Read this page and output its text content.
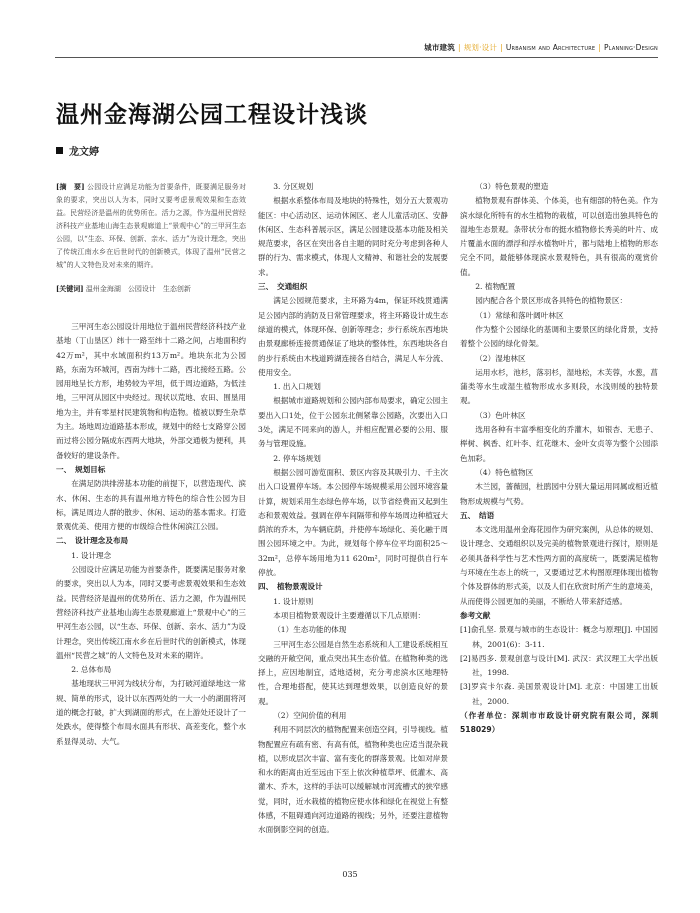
城市建筑 | 规划·设计 | Urbanism and Architecture | Planning·Design
温州金海湖公园工程设计浅谈
龙文婷

[摘　要] 公园设计应满足功能为首要条件，既要满足服务对象的要求，突出以人为本，同时又要考虑景观效果和生态效益。民营经济是温州的优势所在。活力之源，作为温州民营经济科技产业基地山海生态景观廊道上“景观中心”的三甲河生态公园，以“生态、环保、创新、亲水、活力”为设计理念，突出了传统江南水乡在后世时代的创新模式，体现了温州“民营之城”的人文特色及对未来的期许。

[关键词] 温州金海湖　公园设计　生态创新

三甲河生态公园设计用地位于温州民营经济科技产业基地（丁山垦区）纬十一路至纬十二路之间，占地面积约42万m²，其中水域面积约13万m²。地块东北为公园路，东南为环城河，西南为纬十二路，西北接经五路。公园用地呈长方形，地势较为平坦，低于周边道路，为低洼地，三甲河从园区中央经过。现状以荒地、农田、围垦用地为主，并有零星村民建筑物和构造物。植被以野生杂草为主。场地周边道路基本形成，规划中的经七支路穿公园而过将公园分隔成东西两大地块，外部交通极为便利，具备较好的建设条件。

一、　规划目标

在满足防洪排涝基本功能的前提下，以营造现代、滨水、休闲、生态的具有温州地方特色的综合性公园为目标，满足周边人群的散步、休闲、运动的基本需求。打造景观优美、使用方便的市级综合性休闲滨江公园。

二、　设计理念及布局

1. 设计理念

公园设计应满足功能为首要条件，既要满足服务对象的要求，突出以人为本，同时又要考虑景观效果和生态效益。民营经济是温州的优势所在、活力之源，作为温州民营经济科技产业基地山海生态景观廊道上“景观中心”的三甲河生态公园，以“生态、环保、创新、亲水、活力”为设计理念，突出传统江南水乡在后世时代的创新模式，体现温州“民营之城”的人文特色及对未来的期许。

2. 总体布局

基地现状三甲河为线状分布，为打破河道绿地这一常规、简单的形式，设计以东西两处的一大一小的湖面将河道的概念打破，扩大到湖面的形式，在上游处还设计了一处跌水，使得整个布局水面具有形状、高差变化，整个水系显得灵动、大气。

3. 分区规划

根据水系整体布局及地块的特殊性，划分五大景观功能区：中心活动区、运动休闲区、老人儿童活动区、安静休闲区、生态科普展示区，满足公园建设基本功能及相关规范要求，各区在突出各自主题的同时充分考虑到各种人群的行为、需求模式，体现人文精神、和谐社会的发展要求。

三、　交通组织

满足公园规范要求，主环路为4m，保证环线贯通满足公园内部的消防及日常管理要求，将主环路设计成生态绿道的模式，体现环保、创新等理念；步行系统东西地块由景观廊桥连接贯通保证了地块的整体性，东西地块各自的步行系统由木栈道跨湖连接各自结合，满足人车分流、使用安全。

1. 出入口规划

根据城市道路规划和公园内部布局要求，确定公园主要出入口1处，位于公园东北侧紧靠公园路，次要出入口3处，满足不同来向的游人，并相应配置必要的公用、服务与管理设施。

2. 停车场规划

根据公园可游览面积、景区内容及其吸引力、千主次出入口设置停车场。本公园停车场规模采用公园环境容量计算，规划采用生态绿色停车场，以节省经费而又起到生态和景观效益。强调在停车间隔带和停车场周边种植冠大荫浓的乔木，为车辆庇荫，并使停车场绿化、美化融于周围公园环境之中。为此，规划每个停车位平均面积25～32m²，总停车场用地为11 620m²，同时可提供自行车停放。

四、　植物景观设计

1. 设计原则

本项目植物景观设计主要遵循以下几点原则：

（1）生态功能的体现

三甲河生态公园是自然生态系统和人工建设系统相互交融的开敞空间，重点突出其生态价值。在植物种类的选择上，应因地制宜，适地适树，充分考虑滨水区地理特性，合理地搭配，使其达到理想效果，以创造良好的景观。

（2）空间价值的利用

利用不同层次的植物配置来创造空间，引导视线。植物配置应有疏有密、有高有低，植物种类也应适当混杂栽植，以形成层次丰富、富有变化的群落景观。比如对岸景和水的距离由近至远由下至上依次种植草坪、低灌木、高灌木、乔木，这样的手法可以缓解城市河流槽式的狭窄感觉，同时，近水栽植的植物应使水体和绿化在视觉上有整体感，不阻碍通向河边道路的视线；另外，还要注意植物水面倒影空间的创造。

（3）特色景观的塑造

植物景观有群体美、个体美，也有细部的特色美。作为滨水绿化所特有的水生植物的栽植，可以创造出独具特色的湿地生态景观。条带状分布的挺水植物修长秀美的叶片、成片覆盖水面的漂浮和浮水植物叶片，都与陆地上植物的形态完全不同，最能够体现滨水景观特色，具有很高的观赏价值。

2. 植物配置

园内配合各个景区形成各具特色的植物景区：

（1）常绿和落叶阔叶林区

作为整个公园绿化的基调和主要景区的绿化背景，支持着整个公园的绿化骨架。

（2）湿地林区

运用水杉，池杉，落羽杉，湿地松，木芙蓉，水葱，菖蒲类等水生或湿生植物形成水多则段，水浅则缓的独特景观。

（3）色叶林区

选用各种有丰富季相变化的乔灌木，如银杏、无患子、榉树、枫香、红叶李、红花继木、金叶女贞等为整个公园添色加彩。

（4）特色植物区

木兰园，蔷薇园，杜鹃园中分别大量运用同属或相近植物形成规模与气势。

五、　结语

本文选用温州金海花园作为研究案例，从总体的规划、设计理念、交通组织以及完美的植物景观进行探讨，原则是必须具备科学性与艺术性两方面的高度统一，既要满足植物与环境在生态上的统一，又要通过艺术构图原理体现出植物个体及群体的形式美，以及人们在欣赏时所产生的意境美，从而使得公园更加的美丽，不断给人带来舒适感。

参考文献

[1]俞孔坚. 景观与城市的生态设计：概念与原理[J]. 中国园林，2001(6)：3-11.

[2]易西多. 景观创意与设计[M]. 武汉：武汉理工大学出版社，1998.

[3]罗宾卡尔森. 美国景观设计[M]. 北京：中国建工出版社，2000.

（作者单位：深圳市市政设计研究院有限公司，深圳 518029）

035
